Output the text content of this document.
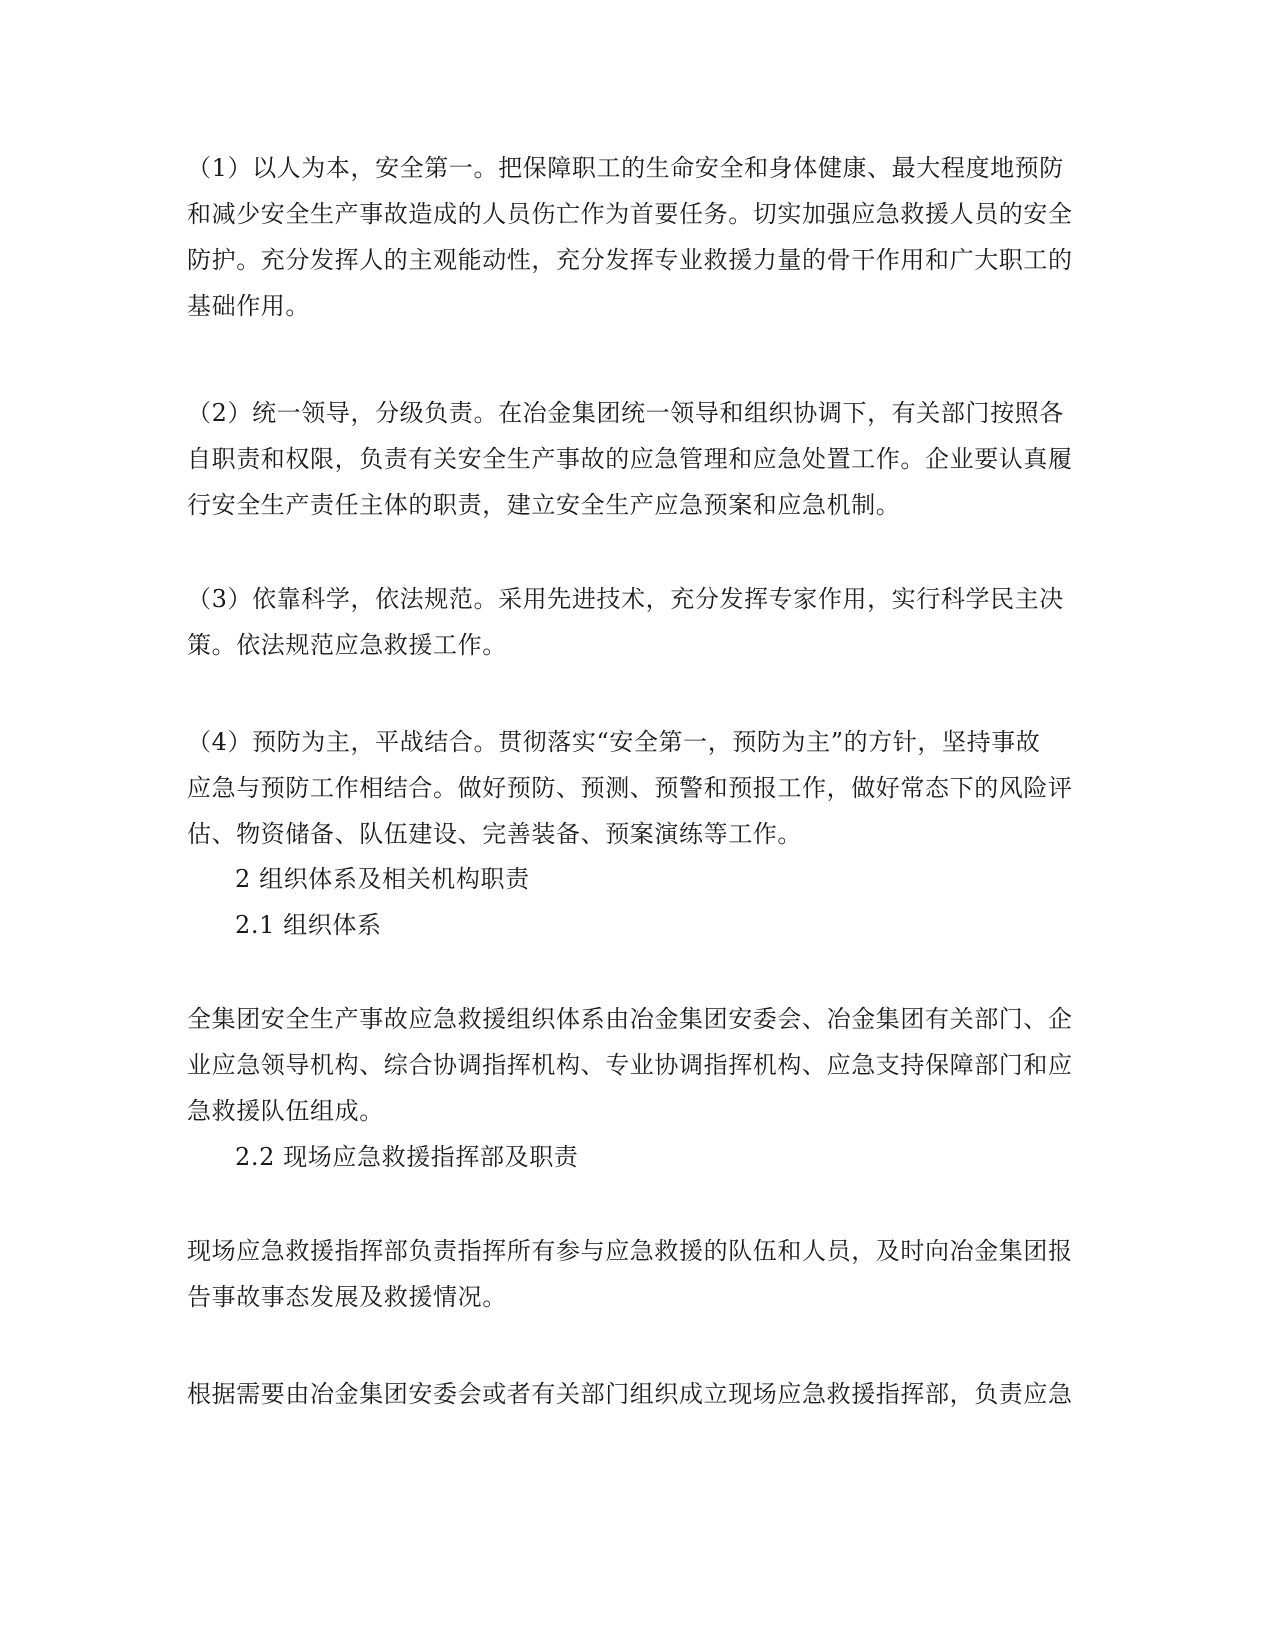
（1）以人为本，安全第一。把保障职工的生命安全和身体健康、最大程度地预防

和减少安全生产事故造成的人员伤亡作为首要任务。切实加强应急救援人员的安全

防护。充分发挥人的主观能动性，充分发挥专业救援力量的骨干作用和广大职工的

基础作用。

（2）统一领导，分级负责。在冶金集团统一领导和组织协调下，有关部门按照各

自职责和权限，负责有关安全生产事故的应急管理和应急处置工作。企业要认真履

行安全生产责任主体的职责，建立安全生产应急预案和应急机制。

（3）依靠科学，依法规范。采用先进技术，充分发挥专家作用，实行科学民主决

策。依法规范应急救援工作。

（4）预防为主，平战结合。贯彻落实“安全第一，预防为主”的方针，坚持事故

应急与预防工作相结合。做好预防、预测、预警和预报工作，做好常态下的风险评

估、物资储备、队伍建设、完善装备、预案演练等工作。

2 组织体系及相关机构职责

2.1 组织体系

全集团安全生产事故应急救援组织体系由冶金集团安委会、冶金集团有关部门、企

业应急领导机构、综合协调指挥机构、专业协调指挥机构、应急支持保障部门和应

急救援队伍组成。

2.2 现场应急救援指挥部及职责

现场应急救援指挥部负责指挥所有参与应急救援的队伍和人员，及时向冶金集团报

告事故事态发展及救援情况。

根据需要由冶金集团安委会或者有关部门组织成立现场应急救援指挥部，负责应急
